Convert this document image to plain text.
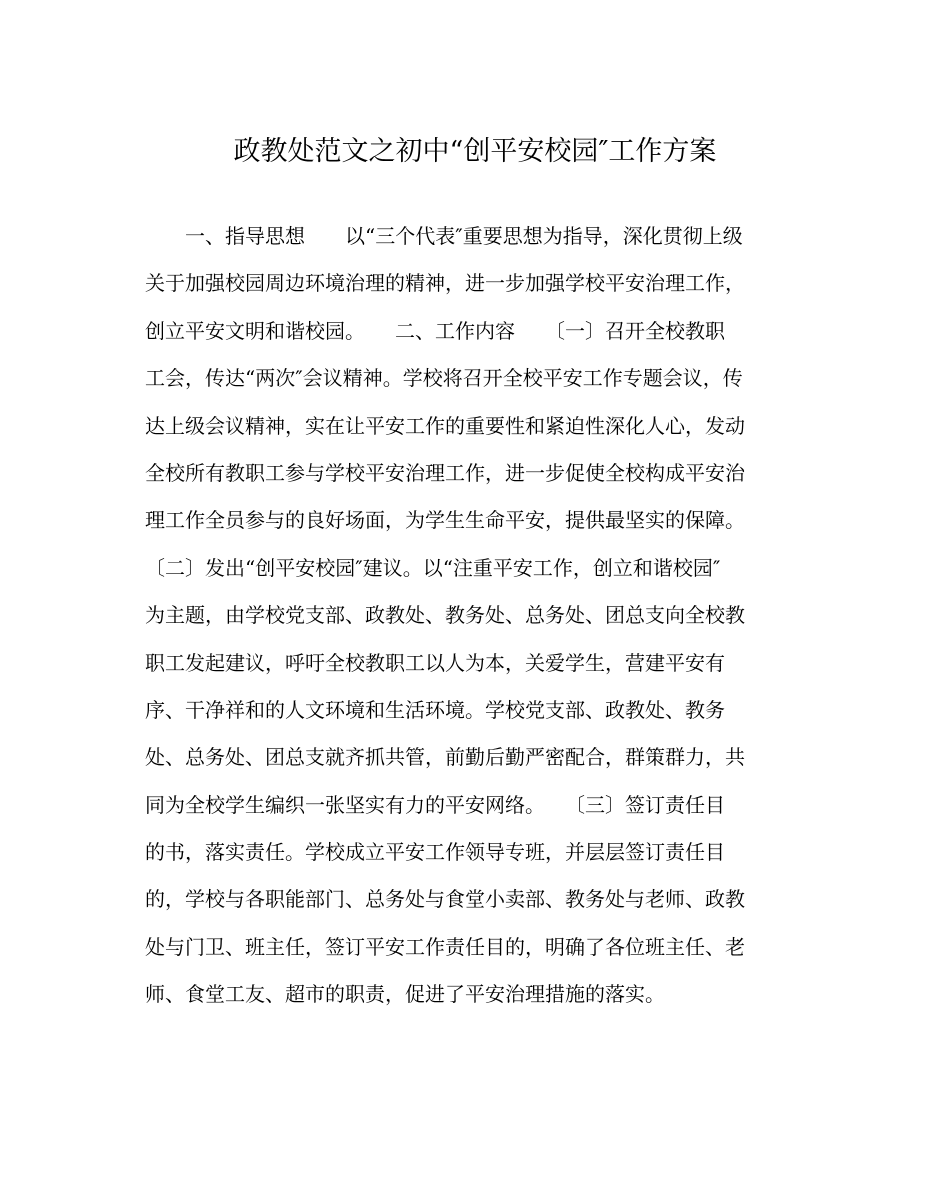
政教处范文之初中“创平安校园″工作方案
　　一、指导思想　　以“三个代表″重要思想为指导，深化贯彻上级
关于加强校园周边环境治理的精神，进一步加强学校平安治理工作，
创立平安文明和谐校园。　　二、工作内容　　〔一〕召开全校教职
工会，传达“两次″会议精神。学校将召开全校平安工作专题会议，传
达上级会议精神，实在让平安工作的重要性和紧迫性深化人心，发动
全校所有教职工参与学校平安治理工作，进一步促使全校构成平安治
理工作全员参与的良好场面，为学生生命平安，提供最坚实的保障。
〔二〕发出“创平安校园″建议。以“注重平安工作，创立和谐校园″
为主题，由学校党支部、政教处、教务处、总务处、团总支向全校教
职工发起建议，呼吁全校教职工以人为本，关爱学生，营建平安有
序、干净祥和的人文环境和生活环境。学校党支部、政教处、教务
处、总务处、团总支就齐抓共管，前勤后勤严密配合，群策群力，共
同为全校学生编织一张坚实有力的平安网络。　　〔三〕签订责任目
的书，落实责任。学校成立平安工作领导专班，并层层签订责任目
的，学校与各职能部门、总务处与食堂小卖部、教务处与老师、政教
处与门卫、班主任，签订平安工作责任目的，明确了各位班主任、老
师、食堂工友、超市的职责，促进了平安治理措施的落实。
